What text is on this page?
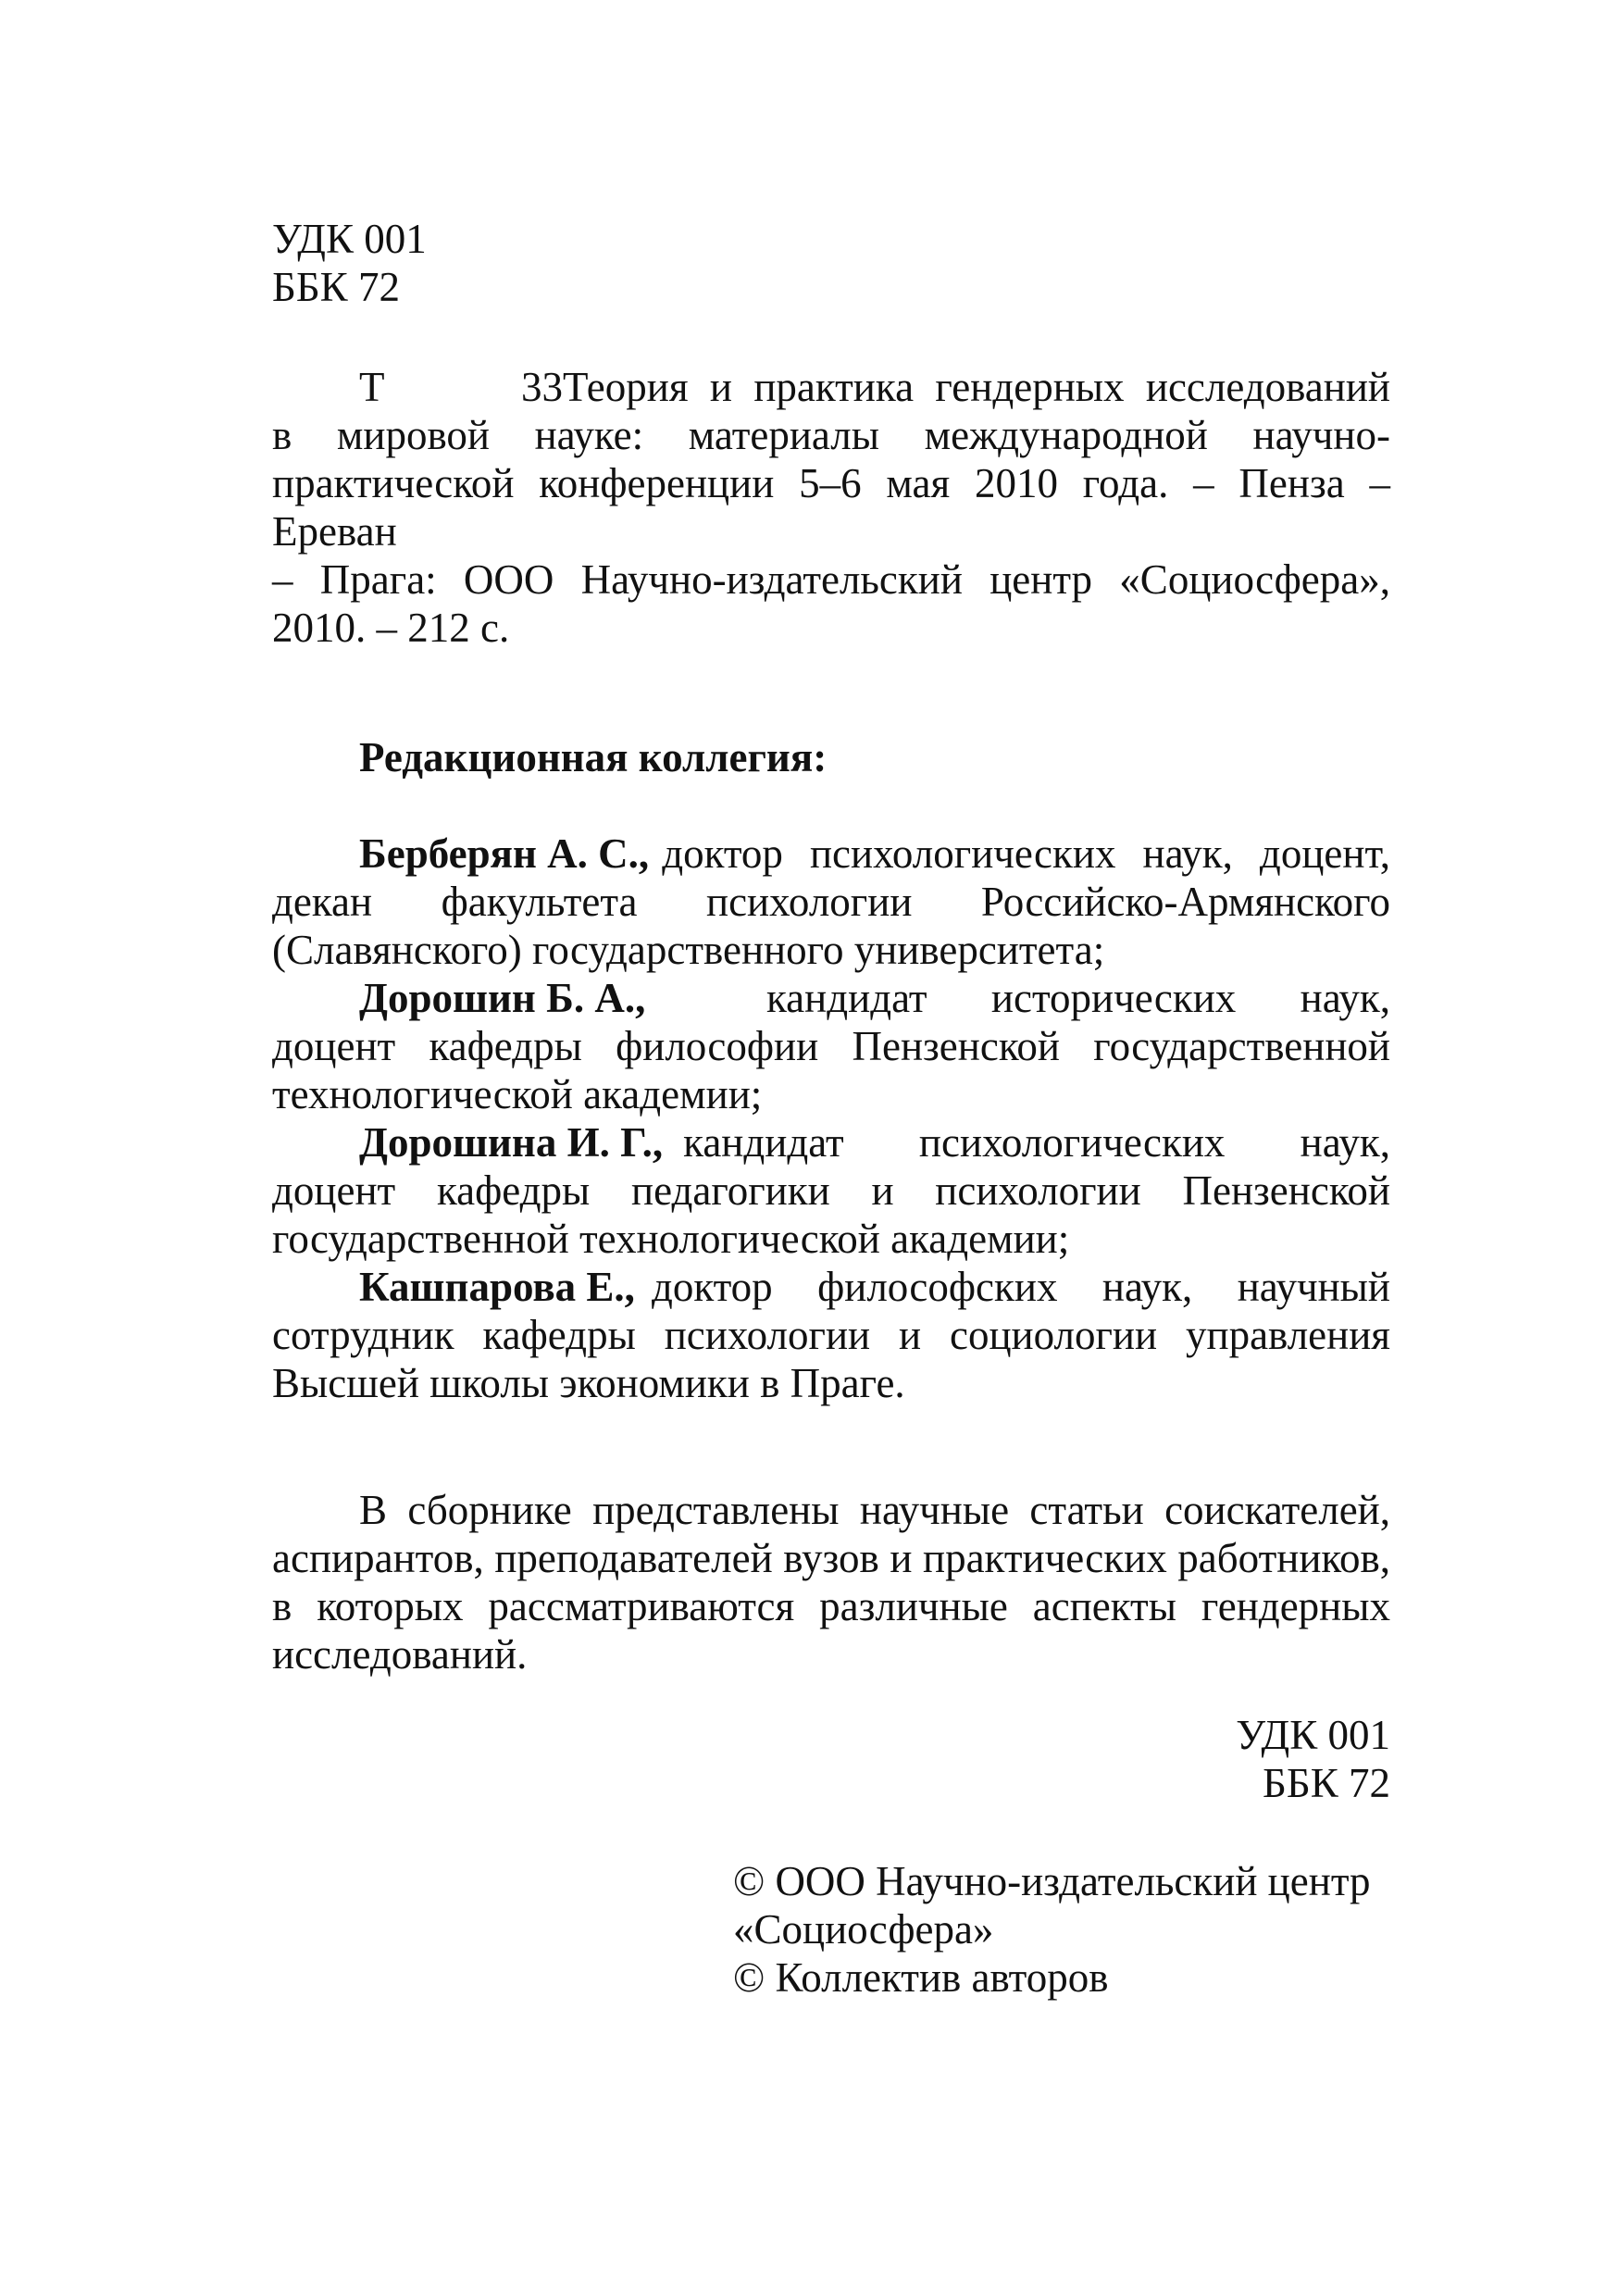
УДК 001
ББК 72
Т 33 Теория и практика гендерных исследований
в мировой науке: материалы международной научно-
практической конференции 5–6 мая 2010 года. – Пенза – Ереван
– Прага: ООО Научно-издательский центр «Социосфера»,
2010. – 212 с.
Редакционная коллегия:
Берберян А. С., доктор психологических наук, доцент,
декан факультета психологии Российско-Армянского
(Славянского) государственного университета;
Дорошин Б. А.,	кандидат исторических наук,
доцент кафедры философии Пензенской государственной
технологической академии;
Дорошина И. Г., кандидат психологических наук,
доцент кафедры педагогики и психологии Пензенской
государственной технологической академии;
Кашпарова Е., доктор философских наук, научный
сотрудник кафедры психологии и социологии управления
Высшей школы экономики в Праге.
В сборнике представлены научные статьи соискателей,
аспирантов, преподавателей вузов и практических работников,
в которых рассматриваются различные аспекты гендерных
исследований.
УДК 001
ББК 72
© ООО Научно-издательский центр
«Социосфера»
© Коллектив авторов
